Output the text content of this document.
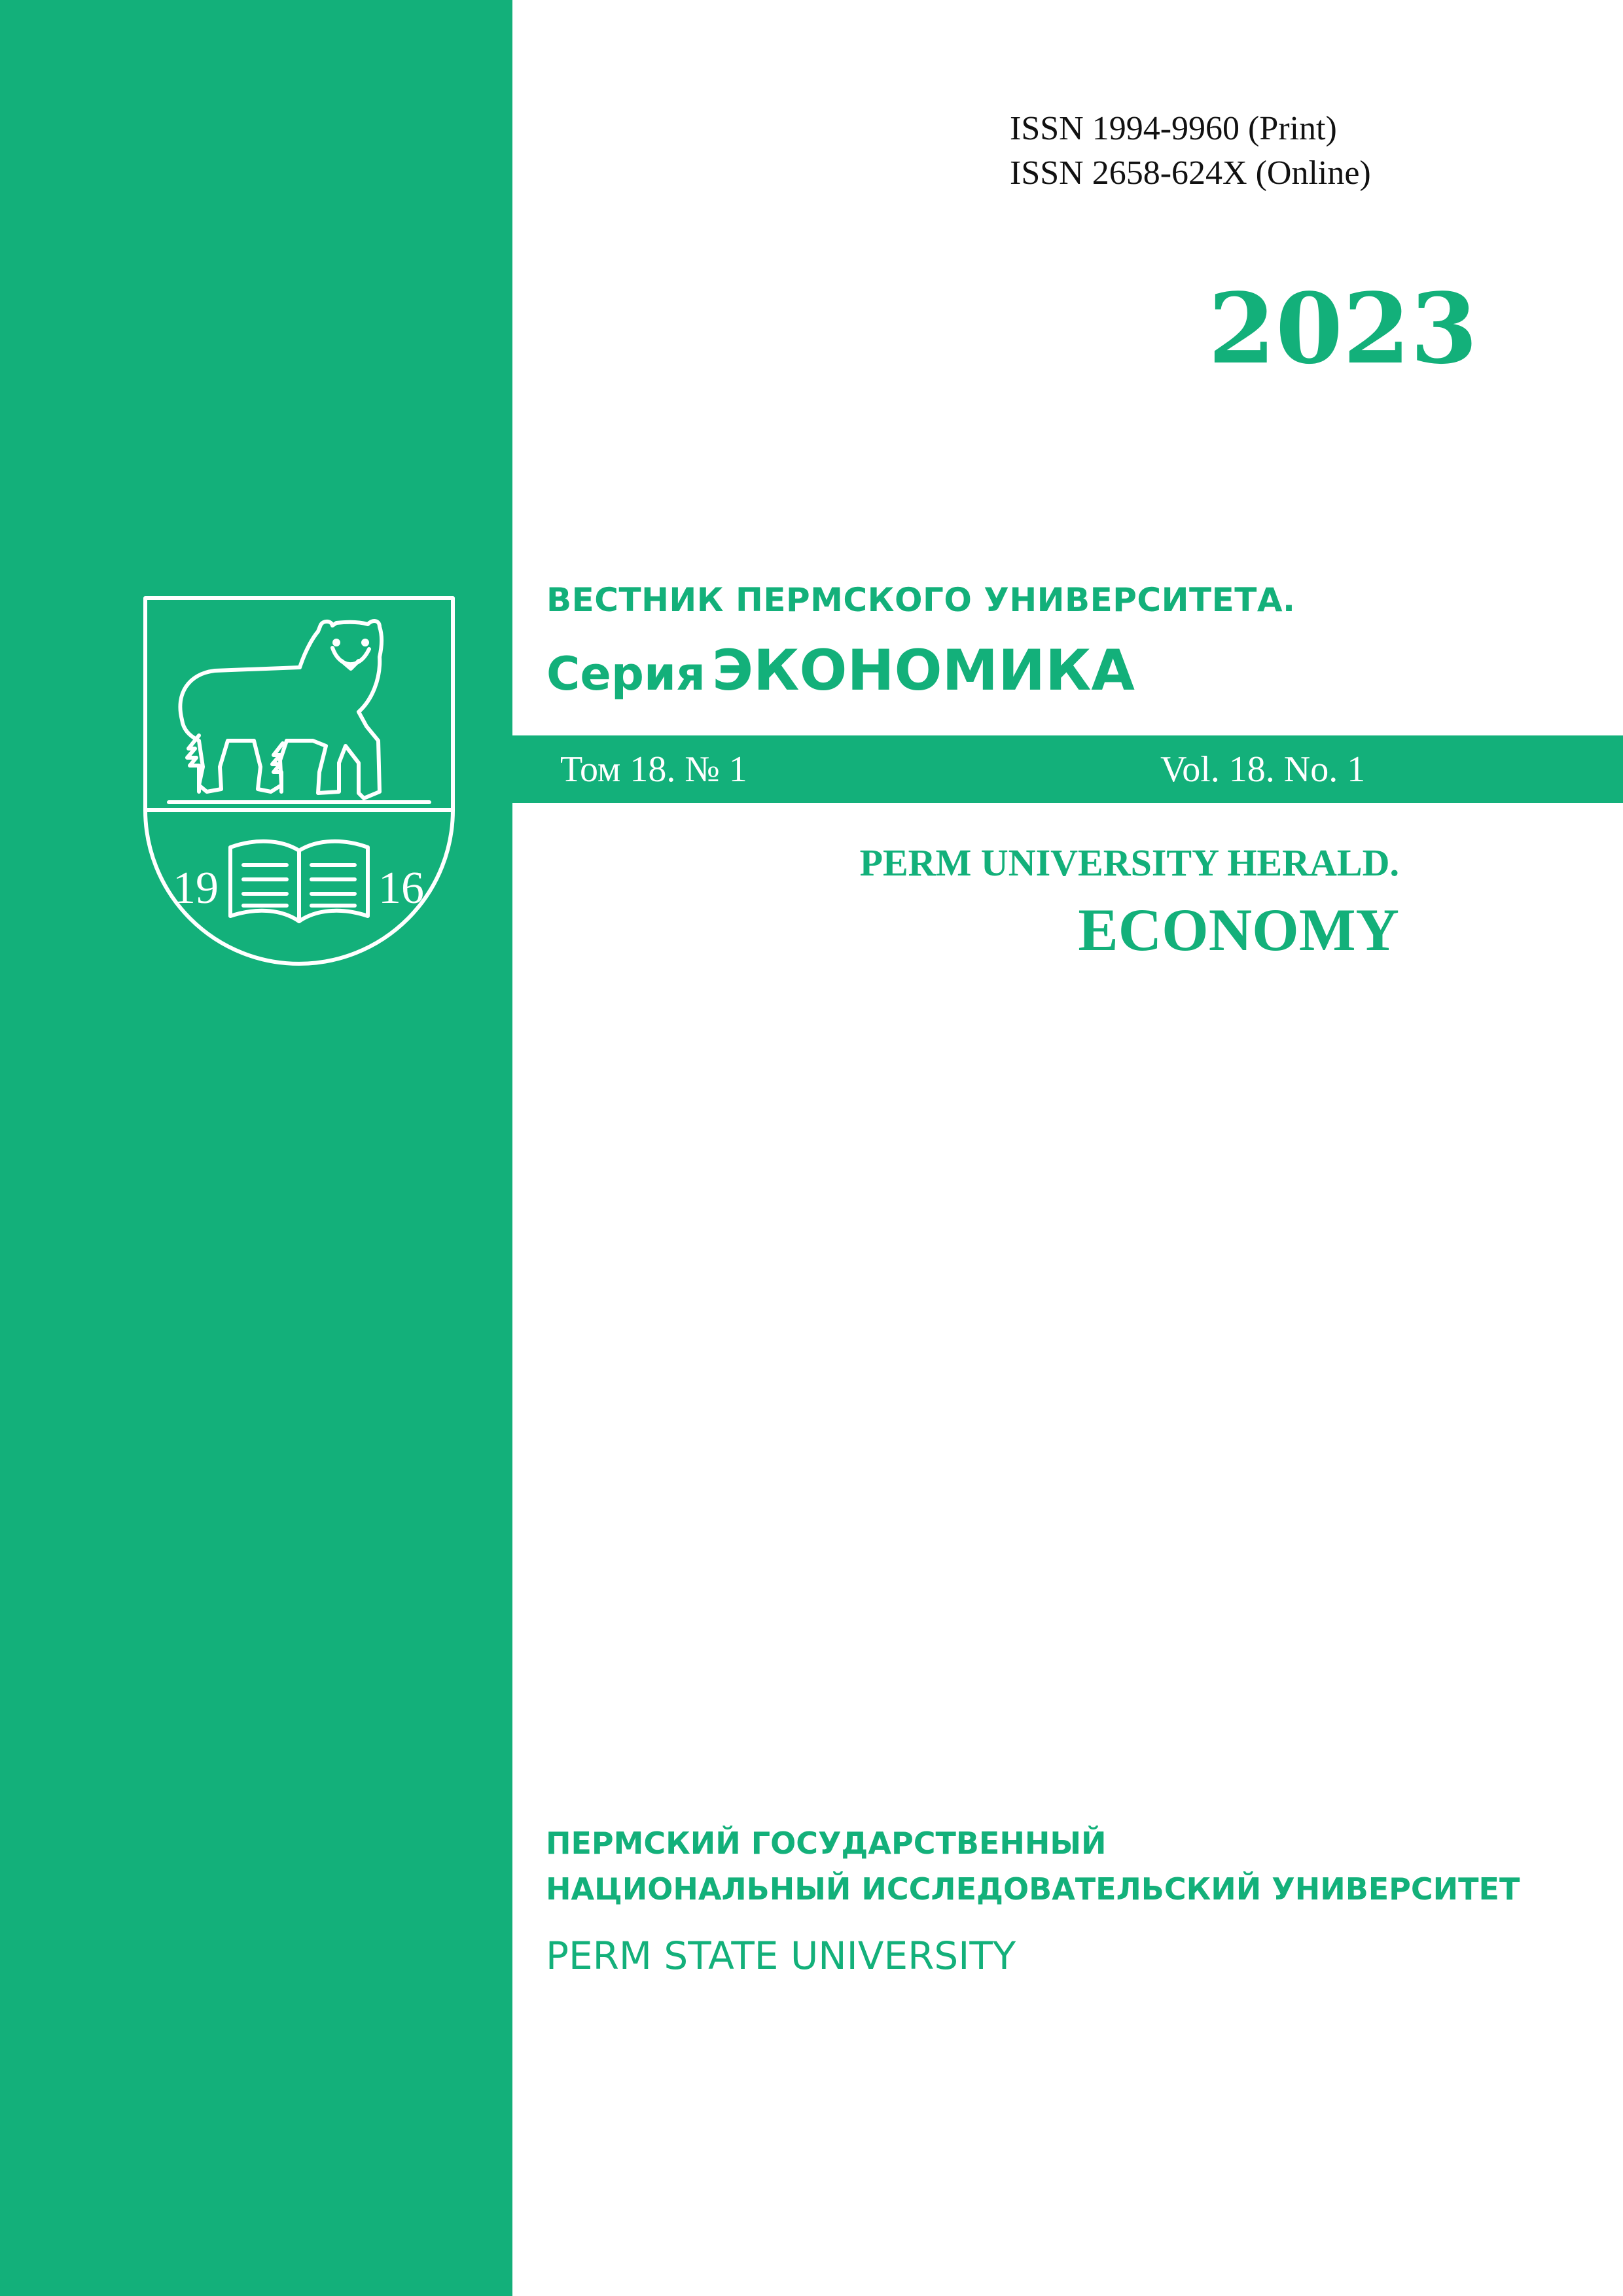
ISSN 1994-9960 (Print)
ISSN 2658-624X (Online)
2023
ВЕСТНИК ПЕРМСКОГО УНИВЕРСИТЕТА.
Серия ЭКОНОМИКА
Том 18. № 1	Vol. 18. No. 1
PERM UNIVERSITY HERALD.
ECONOMY
19	16
ПЕРМСКИЙ ГОСУДАРСТВЕННЫЙ
НАЦИОНАЛЬНЫЙ ИССЛЕДОВАТЕЛЬСКИЙ УНИВЕРСИТЕТ
PERM STATE UNIVERSITY
